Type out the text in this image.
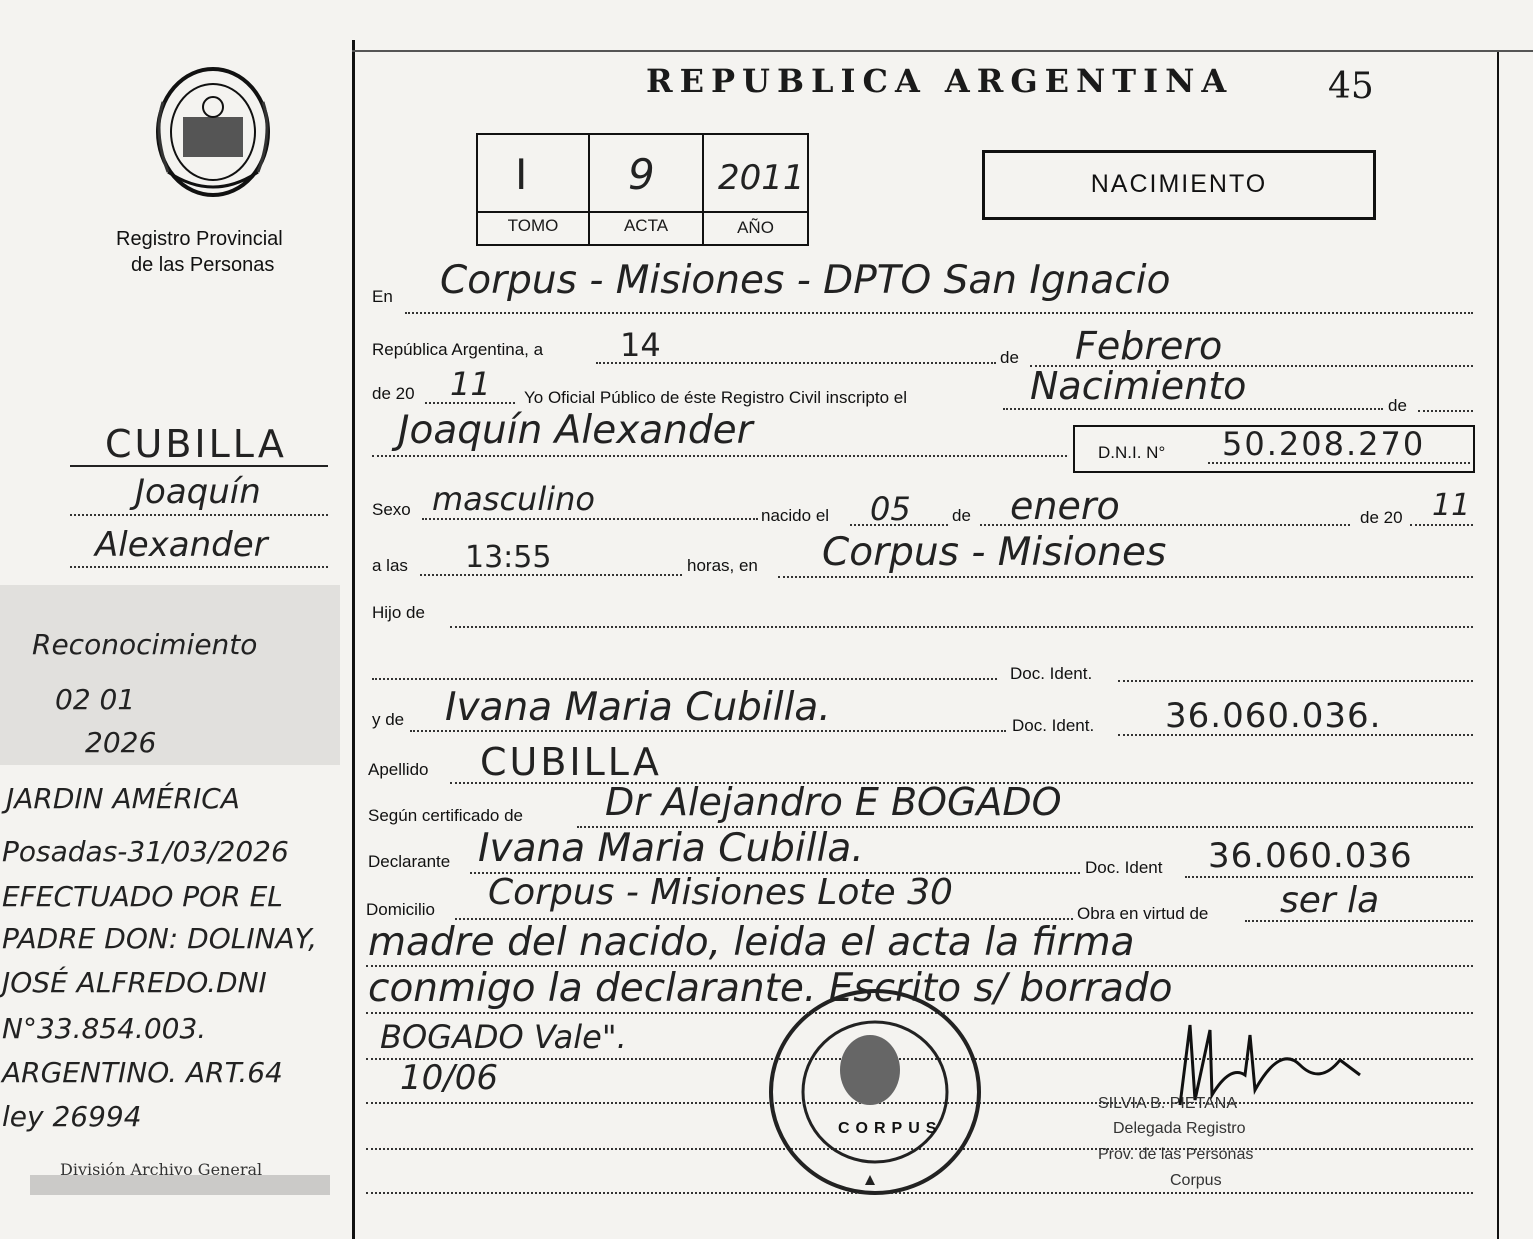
Registro Provincial
de las Personas
CUBILLA
Joaquín
Alexander
Reconocimiento
02 01
2026
JARDIN AMÉRICA
Posadas-31/03/2026
EFECTUADO POR EL
PADRE DON: DOLINAY,
JOSÉ ALFREDO.DNI
N°33.854.003.
ARGENTINO. ART.64
ley 26994
División Archivo General
REPUBLICA ARGENTINA	45
I 9 2011
TOMO	ACTA	AÑO
NACIMIENTO
En Corpus - Misiones - DPTO San Ignacio
República Argentina, a 14	de Febrero
de 20 11 Yo Oficial Público de éste Registro Civil inscripto el	Nacimiento	de
Joaquín Alexander	D.N.I. N° 50.208.270
Sexo masculino	nacido el 05 de enero	de 20 11
a las 13:55	horas, en Corpus - Misiones
Hijo de
Doc. Ident.
y de Ivana Maria Cubilla.	Doc. Ident. 36.060.036.
Apellido CUBILLA
Según certificado de Dr Alejandro E BOGADO
Declarante Ivana Maria Cubilla.	Doc. Ident 36.060.036
Domicilio Corpus - Misiones Lote 30
Obra en virtud de ser la
madre del nacido, leida el acta la firma
conmigo la declarante. Escrito s/ borrado
BOGADO Vale".
10/06
CORPUS
SILVIA B. PIETANA
Delegada Registro
Prov. de las Personas
Corpus
